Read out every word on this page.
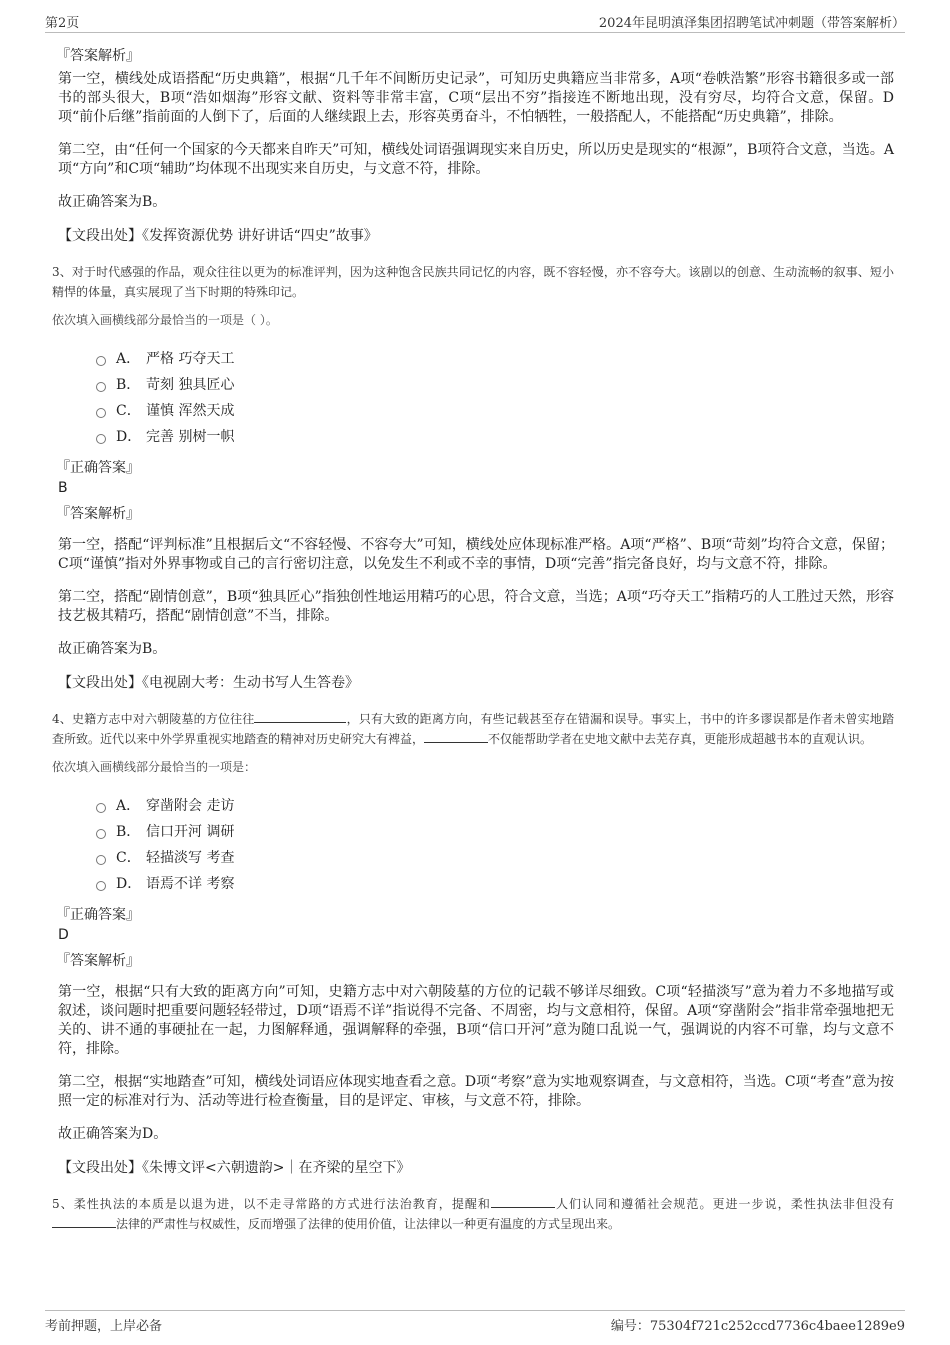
第2页	2024年昆明滇泽集团招聘笔试冲刺题（带答案解析）
『答案解析』

第一空，横线处成语搭配“历史典籍”，根据“几千年不间断历史记录”，可知历史典籍应当非常多，A项“卷帙浩繁”形容书籍很多或一部书的部头很大，B项“浩如烟海”形容文献、资料等非常丰富，C项“层出不穷”指接连不断地出现，没有穷尽，均符合文意，保留。D项“前仆后继”指前面的人倒下了，后面的人继续跟上去，形容英勇奋斗，不怕牺牲，一般搭配人，不能搭配“历史典籍”，排除。

第二空，由“任何一个国家的今天都来自昨天”可知，横线处词语强调现实来自历史，所以历史是现实的“根源”，B项符合文意，当选。A项“方向”和C项“辅助”均体现不出现实来自历史，与文意不符，排除。

故正确答案为B。

【文段出处】《发挥资源优势 讲好讲话“四史”故事》

3、对于时代感强的作品，观众往往以更为的标准评判，因为这种饱含民族共同记忆的内容，既不容轻慢，亦不容夸大。该剧以的创意、生动流畅的叙事、短小精悍的体量，真实展现了当下时期的特殊印记。

依次填入画横线部分最恰当的一项是（ ）。

A． 严格 巧夺天工
B． 苛刻 独具匠心
C． 谨慎 浑然天成
D． 完善 别树一帜
『正确答案』
B
『答案解析』

第一空，搭配“评判标准”且根据后文“不容轻慢、不容夸大”可知，横线处应体现标准严格。A项“严格”、B项“苛刻”均符合文意，保留；C项“谨慎”指对外界事物或自己的言行密切注意，以免发生不利或不幸的事情，D项“完善”指完备良好，均与文意不符，排除。

第二空，搭配“剧情创意”，B项“独具匠心”指独创性地运用精巧的心思，符合文意，当选；A项“巧夺天工”指精巧的人工胜过天然，形容技艺极其精巧，搭配“剧情创意”不当，排除。

故正确答案为B。

【文段出处】《电视剧大考：生动书写人生答卷》

4、史籍方志中对六朝陵墓的方位往往	，只有大致的距离方向，有些记载甚至存在错漏和误导。事实上，书中的许多谬误都是作者未曾实地踏查所致。近代以来中外学界重视实地踏查的精神对历史研究大有裨益，	不仅能帮助学者在史地文献中去芜存真，更能形成超越书本的直观认识。

依次填入画横线部分最恰当的一项是：

A． 穿凿附会 走访
B． 信口开河 调研
C． 轻描淡写 考查
D． 语焉不详 考察
『正确答案』
D
『答案解析』

第一空，根据“只有大致的距离方向”可知，史籍方志中对六朝陵墓的方位的记载不够详尽细致。C项“轻描淡写”意为着力不多地描写或叙述，谈问题时把重要问题轻轻带过，D项“语焉不详”指说得不完备、不周密，均与文意相符，保留。A项“穿凿附会”指非常牵强地把无关的、讲不通的事硬扯在一起，力图解释通，强调解释的牵强，B项“信口开河”意为随口乱说一气，强调说的内容不可靠，均与文意不符，排除。

第二空，根据“实地踏查”可知，横线处词语应体现实地查看之意。D项“考察”意为实地观察调查，与文意相符，当选。C项“考查”意为按照一定的标准对行为、活动等进行检查衡量，目的是评定、审核，与文意不符，排除。

故正确答案为D。

【文段出处】《朱博文评<六朝遗韵>｜在齐梁的星空下》

5、柔性执法的本质是以退为进，以不走寻常路的方式进行法治教育，提醒和	人们认同和遵循社会规范。更进一步说，柔性执法非但没有法律的严肃性与权威性，反而增强了法律的使用价值，让法律以一种更有温度的方式呈现出来。

考前押题，上岸必备	编号：75304f721c252ccd7736c4baee1289e9
